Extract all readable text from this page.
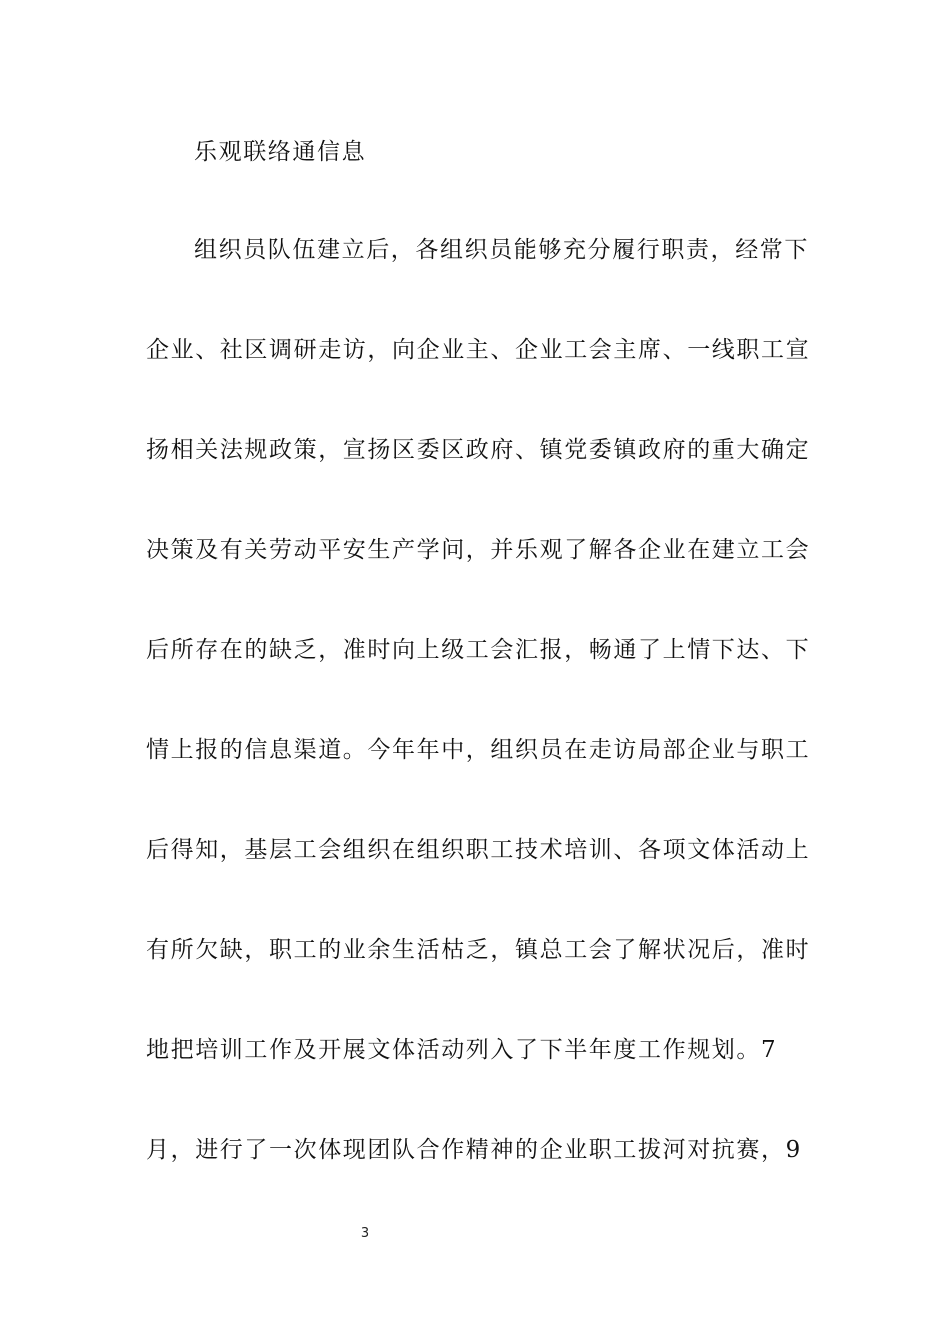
乐观联络通信息
组织员队伍建立后，各组织员能够充分履行职责，经常下
企业、社区调研走访，向企业主、企业工会主席、一线职工宣
扬相关法规政策，宣扬区委区政府、镇党委镇政府的重大确定
决策及有关劳动平安生产学问，并乐观了解各企业在建立工会
后所存在的缺乏，准时向上级工会汇报，畅通了上情下达、下
情上报的信息渠道。今年年中，组织员在走访局部企业与职工
后得知，基层工会组织在组织职工技术培训、各项文体活动上
有所欠缺，职工的业余生活枯乏，镇总工会了解状况后，准时
地把培训工作及开展文体活动列入了下半年度工作规划。7
月，进行了一次体现团队合作精神的企业职工拔河对抗赛，9
3
